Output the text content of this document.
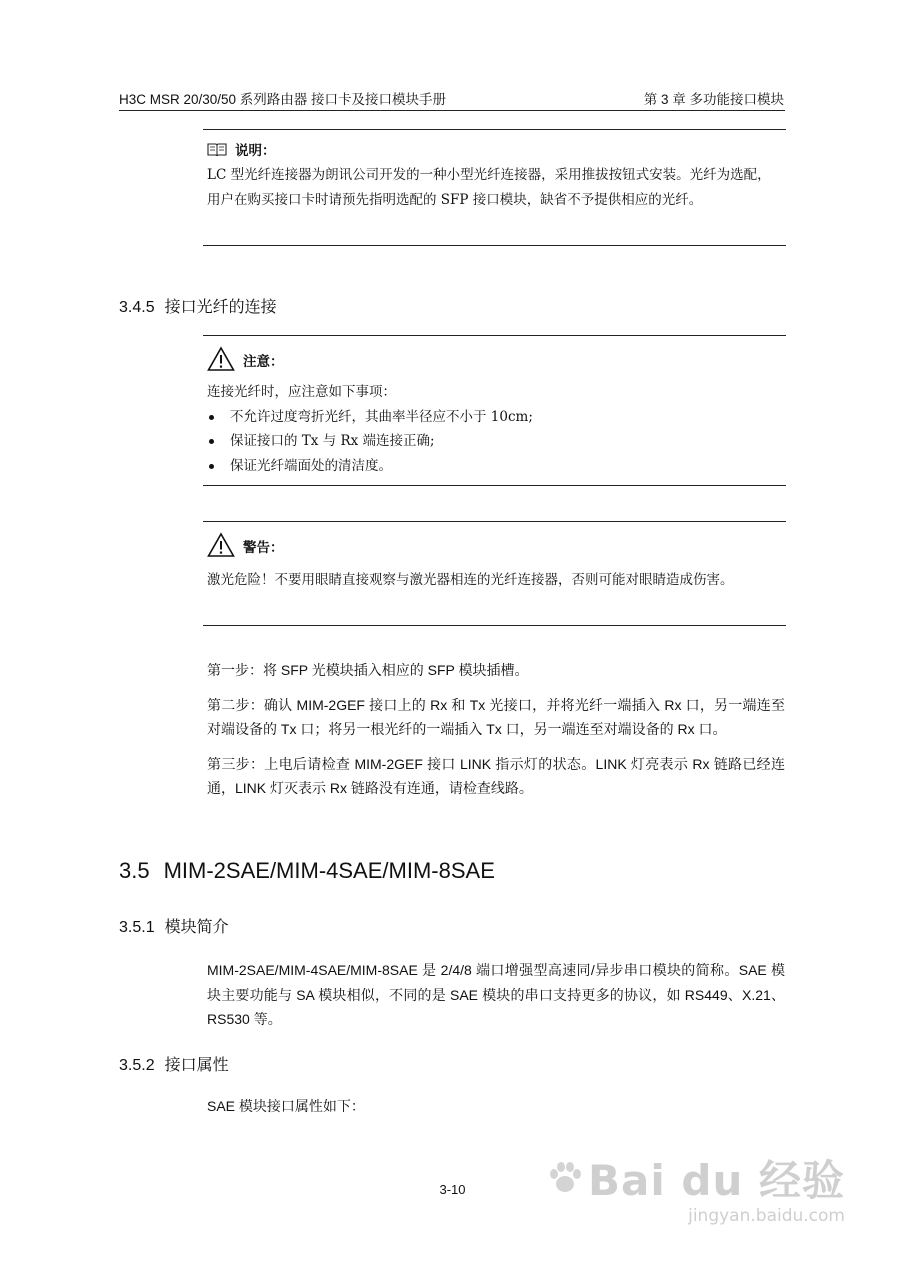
H3C MSR 20/30/50 系列路由器 接口卡及接口模块手册	第 3 章 多功能接口模块
说明：
LC 型光纤连接器为朗讯公司开发的一种小型光纤连接器，采用推拔按钮式安装。光纤为选配，用户在购买接口卡时请预先指明选配的 SFP 接口模块，缺省不予提供相应的光纤。
3.4.5 接口光纤的连接
注意：
连接光纤时，应注意如下事项：
不允许过度弯折光纤，其曲率半径应不小于 10cm;
保证接口的 Tx 与 Rx 端连接正确;
保证光纤端面处的清洁度。
警告：
激光危险！不要用眼睛直接观察与激光器相连的光纤连接器，否则可能对眼睛造成伤害。

第一步：将 SFP 光模块插入相应的 SFP 模块插槽。

第二步：确认 MIM-2GEF 接口上的 Rx 和 Tx 光接口，并将光纤一端插入 Rx 口，另一端连至对端设备的 Tx 口；将另一根光纤的一端插入 Tx 口，另一端连至对端设备的 Rx 口。

第三步：上电后请检查 MIM-2GEF 接口 LINK 指示灯的状态。LINK 灯亮表示 Rx 链路已经连通，LINK 灯灭表示 Rx 链路没有连通，请检查线路。

3.5 MIM-2SAE/MIM-4SAE/MIM-8SAE
3.5.1 模块简介
MIM-2SAE/MIM-4SAE/MIM-8SAE 是 2/4/8 端口增强型高速同/异步串口模块的简称。SAE 模块主要功能与 SA 模块相似，不同的是 SAE 模块的串口支持更多的协议，如 RS449、X.21、RS530 等。
3.5.2 接口属性
SAE 模块接口属性如下：
3-10	Bai du 经验
jingyan.baidu.com
